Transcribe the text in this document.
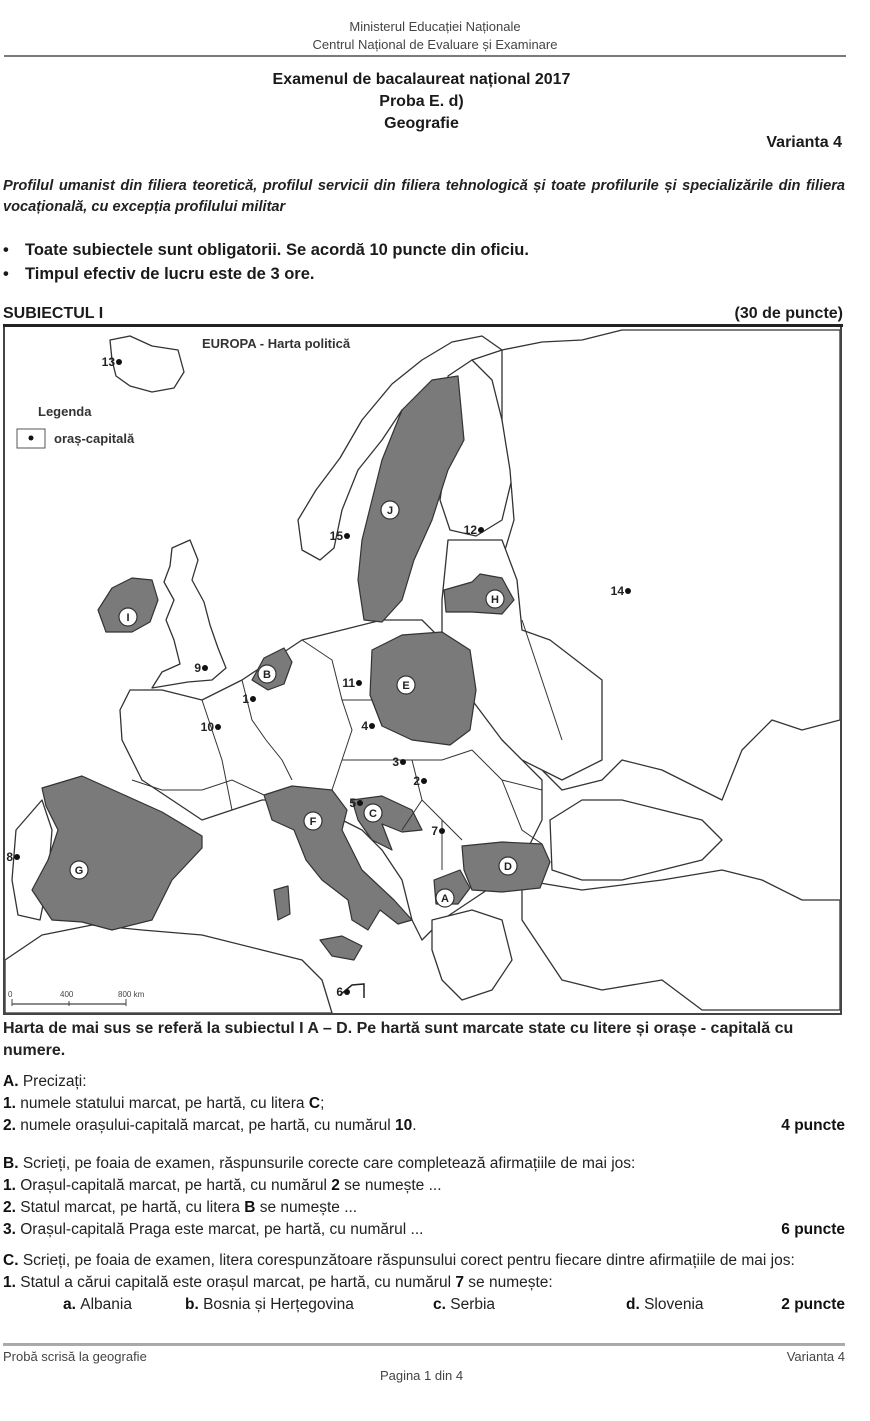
Ministerul Educației Naționale
Centrul Național de Evaluare și Examinare
Examenul de bacalaureat național 2017
Proba E. d)
Geografie
Varianta 4
Profilul umanist din filiera teoretică, profilul servicii din filiera tehnologică și toate profilurile și specializările din filiera vocațională, cu excepția profilului militar
• Toate subiectele sunt obligatorii. Se acordă 10 puncte din oficiu.
• Timpul efectiv de lucru este de 3 ore.
SUBIECTUL I	(30 de puncte)
Legenda
oraș-capitală
EUROPA - Harta politică
0	400	800 km
1
2
3
4
5
6
7
8
9
10
11
12
13
14
15
A
B
C
D
E
F
G
H
I
J
Harta de mai sus se referă la subiectul I A – D. Pe hartă sunt marcate state cu litere și orașe - capitală cu numere.
A. Precizați:
1. numele statului marcat, pe hartă, cu litera C;
2. numele orașului-capitală marcat, pe hartă, cu numărul 10.	4 puncte
B. Scrieți, pe foaia de examen, răspunsurile corecte care completează afirmațiile de mai jos:
1. Orașul-capitală marcat, pe hartă, cu numărul 2 se numește ...
2. Statul marcat, pe hartă, cu litera B se numește ...
3. Orașul-capitală Praga este marcat, pe hartă, cu numărul ...	6 puncte
C. Scrieți, pe foaia de examen, litera corespunzătoare răspunsului corect pentru fiecare dintre afirmațiile de mai jos:
1. Statul a cărui capitală este orașul marcat, pe hartă, cu numărul 7 se numește:
a. Albania	b. Bosnia și Herțegovina	c. Serbia	d. Slovenia	2 puncte
Probă scrisă la geografie	Varianta 4
Pagina 1 din 4
